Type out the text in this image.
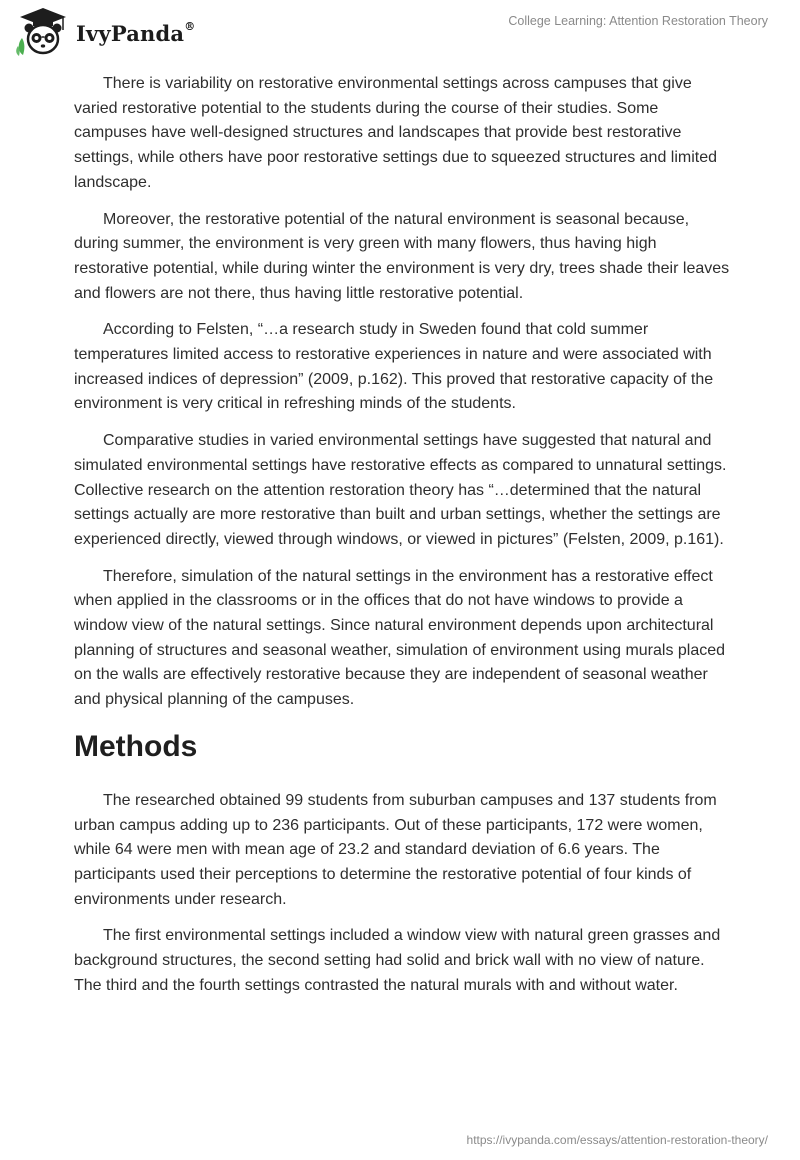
IvyPanda®	College Learning: Attention Restoration Theory

There is variability on restorative environmental settings across campuses that give varied restorative potential to the students during the course of their studies. Some campuses have well-designed structures and landscapes that provide best restorative settings, while others have poor restorative settings due to squeezed structures and limited landscape.

Moreover, the restorative potential of the natural environment is seasonal because, during summer, the environment is very green with many flowers, thus having high restorative potential, while during winter the environment is very dry, trees shade their leaves and flowers are not there, thus having little restorative potential.

According to Felsten, “…a research study in Sweden found that cold summer temperatures limited access to restorative experiences in nature and were associated with increased indices of depression” (2009, p.162). This proved that restorative capacity of the environment is very critical in refreshing minds of the students.

Comparative studies in varied environmental settings have suggested that natural and simulated environmental settings have restorative effects as compared to unnatural settings. Collective research on the attention restoration theory has “…determined that the natural settings actually are more restorative than built and urban settings, whether the settings are experienced directly, viewed through windows, or viewed in pictures” (Felsten, 2009, p.161).

Therefore, simulation of the natural settings in the environment has a restorative effect when applied in the classrooms or in the offices that do not have windows to provide a window view of the natural settings. Since natural environment depends upon architectural planning of structures and seasonal weather, simulation of environment using murals placed on the walls are effectively restorative because they are independent of seasonal weather and physical planning of the campuses.

Methods

The researched obtained 99 students from suburban campuses and 137 students from urban campus adding up to 236 participants. Out of these participants, 172 were women, while 64 were men with mean age of 23.2 and standard deviation of 6.6 years. The participants used their perceptions to determine the restorative potential of four kinds of environments under research.

The first environmental settings included a window view with natural green grasses and background structures, the second setting had solid and brick wall with no view of nature. The third and the fourth settings contrasted the natural murals with and without water.

https://ivypanda.com/essays/attention-restoration-theory/
